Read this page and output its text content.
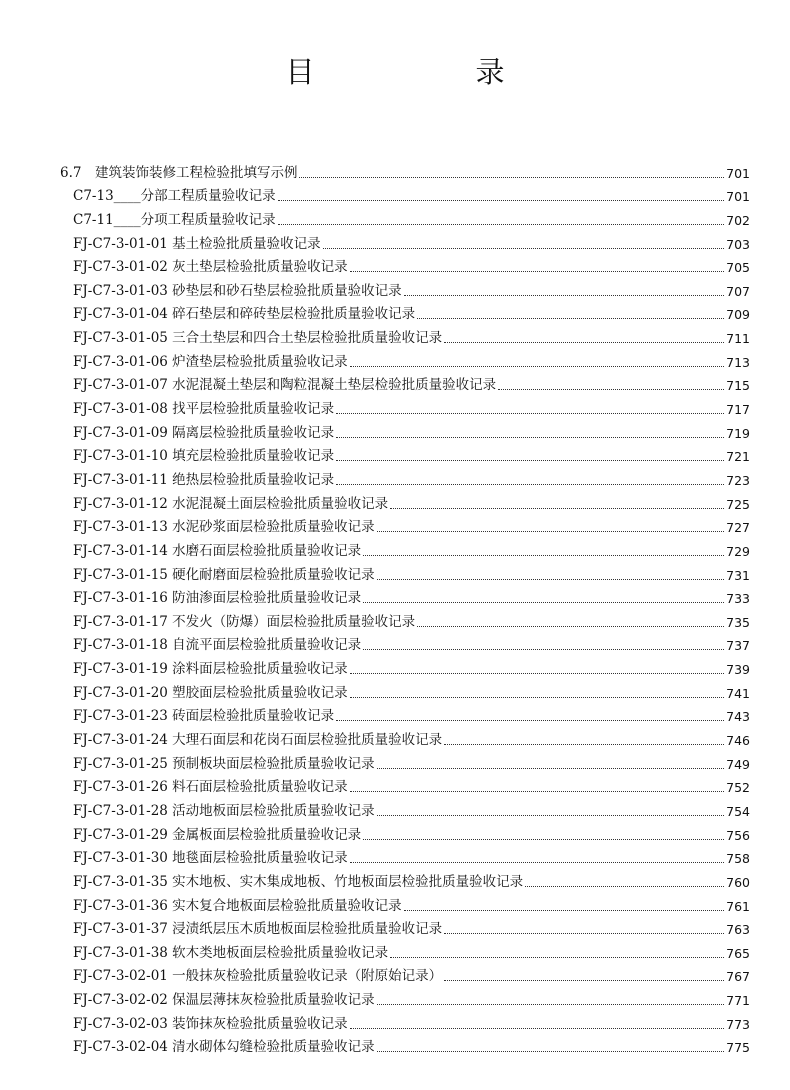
目　录
6.7　建筑装饰装修工程检验批填写示例	701
C7-13____分部工程质量验收记录	701
C7-11____分项工程质量验收记录	702
FJ-C7-3-01-01 基土检验批质量验收记录	703
FJ-C7-3-01-02 灰土垫层检验批质量验收记录	705
FJ-C7-3-01-03 砂垫层和砂石垫层检验批质量验收记录	707
FJ-C7-3-01-04 碎石垫层和碎砖垫层检验批质量验收记录	709
FJ-C7-3-01-05 三合土垫层和四合土垫层检验批质量验收记录	711
FJ-C7-3-01-06 炉渣垫层检验批质量验收记录	713
FJ-C7-3-01-07 水泥混凝土垫层和陶粒混凝土垫层检验批质量验收记录	715
FJ-C7-3-01-08 找平层检验批质量验收记录	717
FJ-C7-3-01-09 隔离层检验批质量验收记录	719
FJ-C7-3-01-10 填充层检验批质量验收记录	721
FJ-C7-3-01-11 绝热层检验批质量验收记录	723
FJ-C7-3-01-12 水泥混凝土面层检验批质量验收记录	725
FJ-C7-3-01-13 水泥砂浆面层检验批质量验收记录	727
FJ-C7-3-01-14 水磨石面层检验批质量验收记录	729
FJ-C7-3-01-15 硬化耐磨面层检验批质量验收记录	731
FJ-C7-3-01-16 防油渗面层检验批质量验收记录	733
FJ-C7-3-01-17 不发火（防爆）面层检验批质量验收记录	735
FJ-C7-3-01-18 自流平面层检验批质量验收记录	737
FJ-C7-3-01-19 涂料面层检验批质量验收记录	739
FJ-C7-3-01-20 塑胶面层检验批质量验收记录	741
FJ-C7-3-01-23 砖面层检验批质量验收记录	743
FJ-C7-3-01-24 大理石面层和花岗石面层检验批质量验收记录	746
FJ-C7-3-01-25 预制板块面层检验批质量验收记录	749
FJ-C7-3-01-26 料石面层检验批质量验收记录	752
FJ-C7-3-01-28 活动地板面层检验批质量验收记录	754
FJ-C7-3-01-29 金属板面层检验批质量验收记录	756
FJ-C7-3-01-30 地毯面层检验批质量验收记录	758
FJ-C7-3-01-35 实木地板、实木集成地板、竹地板面层检验批质量验收记录	760
FJ-C7-3-01-36 实木复合地板面层检验批质量验收记录	761
FJ-C7-3-01-37 浸渍纸层压木质地板面层检验批质量验收记录	763
FJ-C7-3-01-38 软木类地板面层检验批质量验收记录	765
FJ-C7-3-02-01 一般抹灰检验批质量验收记录（附原始记录）	767
FJ-C7-3-02-02 保温层薄抹灰检验批质量验收记录	771
FJ-C7-3-02-03 装饰抹灰检验批质量验收记录	773
FJ-C7-3-02-04 清水砌体勾缝检验批质量验收记录	775
